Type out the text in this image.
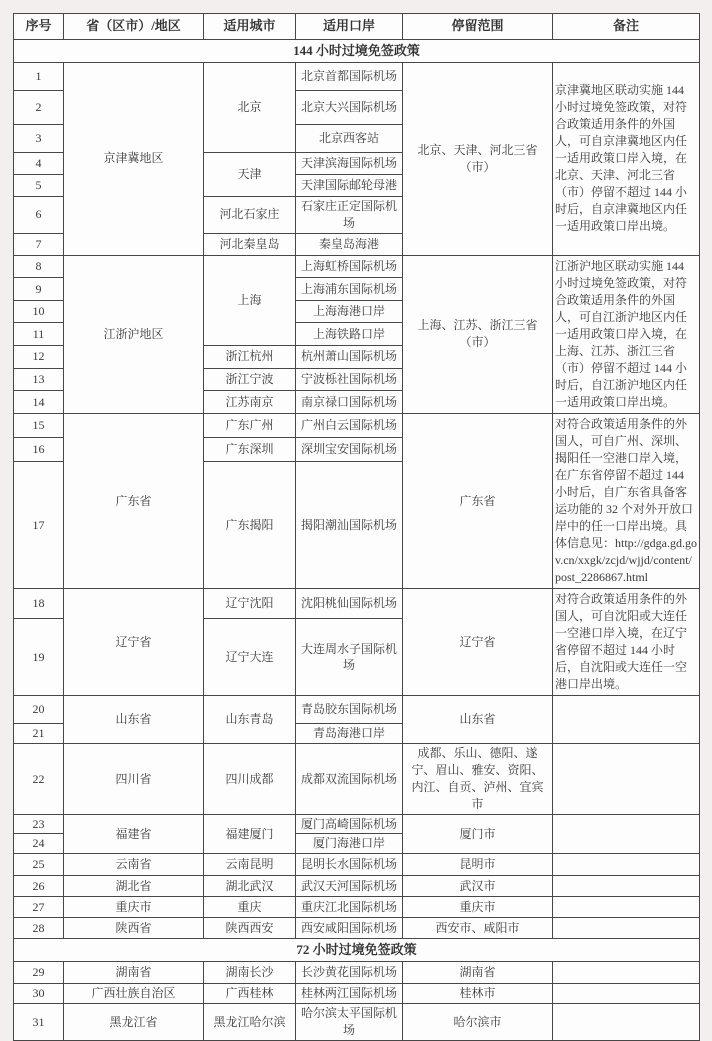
序号	省（区市）/地区	适用城市	适用口岸	停留范围	备注
144 小时过境免签政策					
1	京津冀地区	北京	北京首都国际机场	北京、天津、河北三省（市）	京津冀地区联动实施 144 小时过境免签政策，对符合政策适用条件的外国人，可自京津冀地区内任一适用政策口岸入境，在北京、天津、河北三省（市）停留不超过 144 小时后，自京津冀地区内任一适用政策口岸出境。
2			北京大兴国际机场		
3			北京西客站		
4		天津	天津滨海国际机场		
5			天津国际邮轮母港		
6		河北石家庄	石家庄正定国际机场		
7		河北秦皇岛	秦皇岛海港		
8	江浙沪地区	上海	上海虹桥国际机场	上海、江苏、浙江三省（市）	江浙沪地区联动实施 144 小时过境免签政策，对符合政策适用条件的外国人，可自江浙沪地区内任一适用政策口岸入境，在上海、江苏、浙江三省（市）停留不超过 144 小时后，自江浙沪地区内任一适用政策口岸出境。
9			上海浦东国际机场		
10			上海海港口岸		
11			上海铁路口岸		
12		浙江杭州	杭州萧山国际机场		
13		浙江宁波	宁波栎社国际机场		
14		江苏南京	南京禄口国际机场		
15	广东省	广东广州	广州白云国际机场	广东省	对符合政策适用条件的外国人，可自广州、深圳、揭阳任一空港口岸入境，在广东省停留不超过 144 小时后，自广东省具备客运功能的 32 个对外开放口岸中的任一口岸出境。具体信息见：http://gdga.gd.gov.cn/xxgk/zcjd/wjjd/content/post_2286867.html
16		广东深圳	深圳宝安国际机场		
17		广东揭阳	揭阳潮汕国际机场		
18	辽宁省	辽宁沈阳	沈阳桃仙国际机场	辽宁省	对符合政策适用条件的外国人，可自沈阳或大连任一空港口岸入境，在辽宁省停留不超过 144 小时后，自沈阳或大连任一空港口岸出境。
19		辽宁大连	大连周水子国际机场		
20	山东省	山东青岛	青岛胶东国际机场	山东省	
21			青岛海港口岸		
22	四川省	四川成都	成都双流国际机场	成都、乐山、德阳、遂宁、眉山、雅安、资阳、内江、自贡、泸州、宜宾市	
23	福建省	福建厦门	厦门高崎国际机场	厦门市	
24			厦门海港口岸		
25	云南省	云南昆明	昆明长水国际机场	昆明市	
26	湖北省	湖北武汉	武汉天河国际机场	武汉市	
27	重庆市	重庆	重庆江北国际机场	重庆市	
28	陕西省	陕西西安	西安咸阳国际机场	西安市、咸阳市	
72 小时过境免签政策					
29	湖南省	湖南长沙	长沙黄花国际机场	湖南省	
30	广西壮族自治区	广西桂林	桂林两江国际机场	桂林市	
31	黑龙江省	黑龙江哈尔滨	哈尔滨太平国际机场	哈尔滨市	
